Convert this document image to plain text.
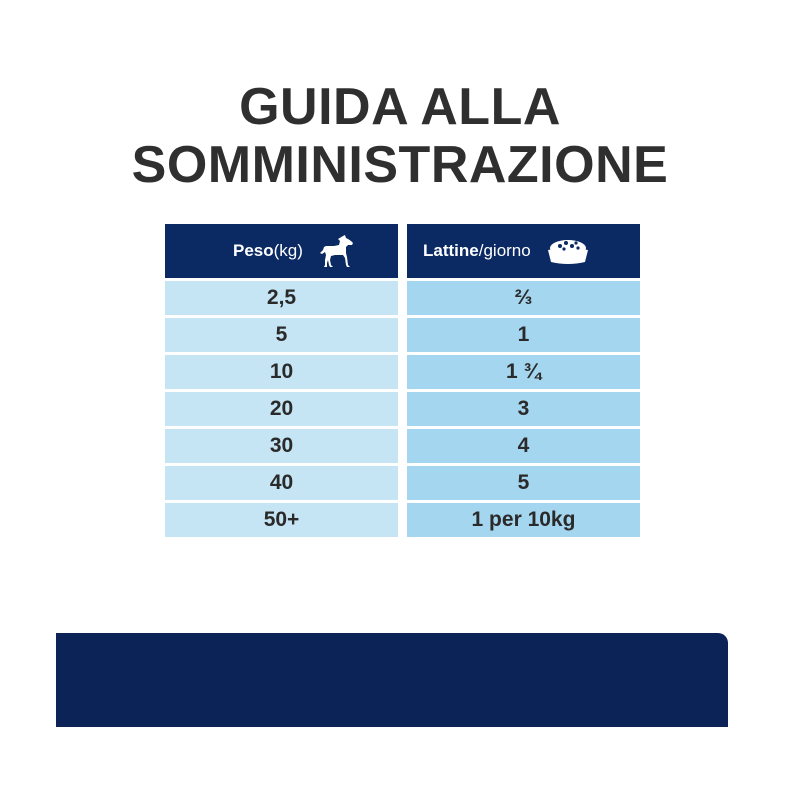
GUIDA ALLA
SOMMINISTRAZIONE
Peso (kg)	Lattine /giorno
2,5	⅔
5	1
10	1 ¾
20	3
30	4
40	5
50+	1 per 10kg
